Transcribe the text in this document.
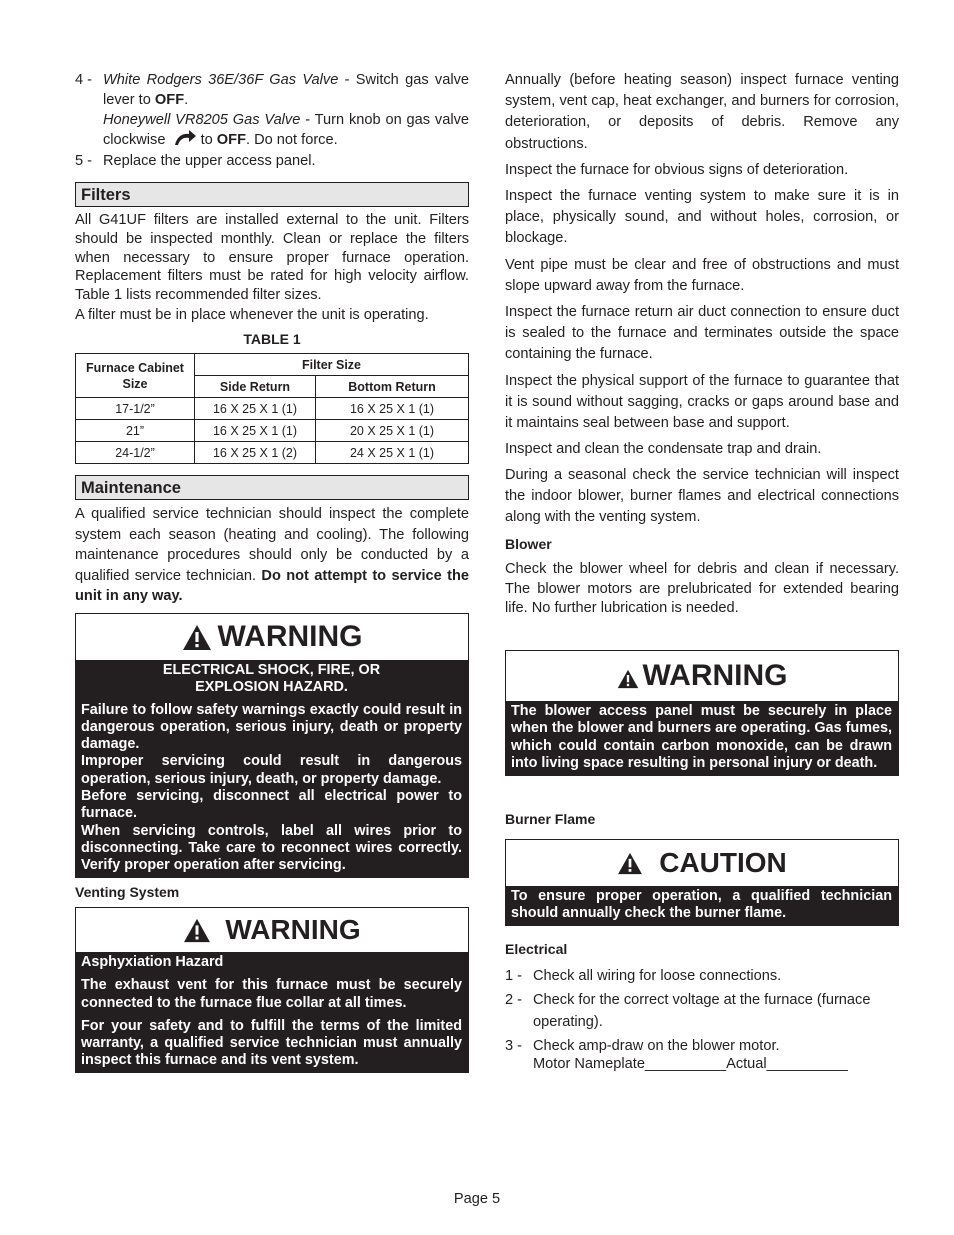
4 - White Rodgers 36E/36F Gas Valve - Switch gas valve lever to OFF.
Honeywell VR8205 Gas Valve - Turn knob on gas valve clockwise  to OFF. Do not force.
5 - Replace the upper access panel.
Filters

All G41UF filters are installed external to the unit. Filters should be inspected monthly. Clean or replace the filters when necessary to ensure proper furnace operation. Replacement filters must be rated for high velocity airflow. Table 1 lists recommended filter sizes.

A filter must be in place whenever the unit is operating.

TABLE 1
Furnace Cabinet Size	Filter Size	
	Side Return	Bottom Return
17-1/2”	16 X 25 X 1 (1)	16 X 25 X 1 (1)
21”	16 X 25 X 1 (1)	20 X 25 X 1 (1)
24-1/2”	16 X 25 X 1 (2)	24 X 25 X 1 (1)
Maintenance

A qualified service technician should inspect the complete system each season (heating and cooling). The following maintenance procedures should only be conducted by a qualified service technician. Do not attempt to service the unit in any way.

WARNING

ELECTRICAL SHOCK, FIRE, OR EXPLOSION HAZARD.

Failure to follow safety warnings exactly could result in dangerous operation, serious injury, death or property damage.

Improper servicing could result in dangerous operation, serious injury, death, or property damage.

Before servicing, disconnect all electrical power to furnace.

When servicing controls, label all wires prior to disconnecting. Take care to reconnect wires correctly. Verify proper operation after servicing.

Venting System
WARNING

Asphyxiation Hazard

The exhaust vent for this furnace must be securely connected to the furnace flue collar at all times.

For your safety and to fulfill the terms of the limited warranty, a qualified service technician must annually inspect this furnace and its vent system.

Annually (before heating season) inspect furnace venting system, vent cap, heat exchanger, and burners for corrosion, deterioration, or deposits of debris. Remove any obstructions.

Inspect the furnace for obvious signs of deterioration.

Inspect the furnace venting system to make sure it is in place, physically sound, and without holes, corrosion, or blockage.

Vent pipe must be clear and free of obstructions and must slope upward away from the furnace.

Inspect the furnace return air duct connection to ensure duct is sealed to the furnace and terminates outside the space containing the furnace.

Inspect the physical support of the furnace to guarantee that it is sound without sagging, cracks or gaps around base and it maintains seal between base and support.

Inspect and clean the condensate trap and drain.

During a seasonal check the service technician will inspect the indoor blower, burner flames and electrical connections along with the venting system.

Blower

Check the blower wheel for debris and clean if necessary. The blower motors are prelubricated for extended bearing life. No further lubrication is needed.

WARNING
The blower access panel must be securely in place when the blower and burners are operating. Gas fumes, which could contain carbon monoxide, can be drawn into living space resulting in personal injury or death.
Burner Flame
CAUTION
To ensure proper operation, a qualified technician should annually check the burner flame.
Electrical
1 - Check all wiring for loose connections.
2 - Check for the correct voltage at the furnace (furnace operating).
3 - Check amp-draw on the blower motor.
Motor Nameplate__________Actual__________
Page 5
